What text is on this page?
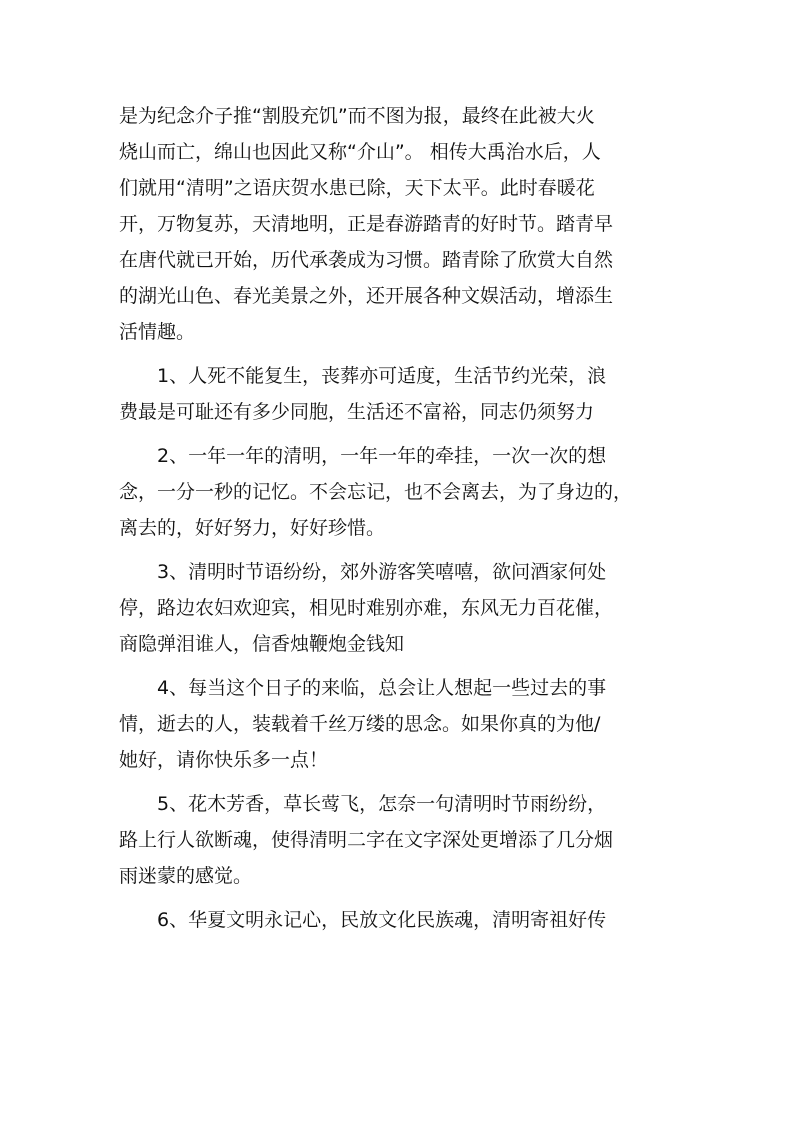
是为纪念介子推“割股充饥”而不图为报，最终在此被大火
烧山而亡，绵山也因此又称“介山”。 相传大禹治水后，人
们就用“清明”之语庆贺水患已除，天下太平。此时春暖花
开，万物复苏，天清地明，正是春游踏青的好时节。踏青早
在唐代就已开始，历代承袭成为习惯。踏青除了欣赏大自然
的湖光山色、春光美景之外，还开展各种文娱活动，增添生
活情趣。
1、人死不能复生，丧葬亦可适度，生活节约光荣，浪
费最是可耻还有多少同胞，生活还不富裕，同志仍须努力
2、一年一年的清明，一年一年的牵挂，一次一次的想
念，一分一秒的记忆。不会忘记，也不会离去，为了身边的，
离去的，好好努力，好好珍惜。
3、清明时节语纷纷，郊外游客笑嘻嘻，欲问酒家何处
停，路边农妇欢迎宾，相见时难别亦难，东风无力百花催，
商隐弹泪谁人，信香烛鞭炮金钱知
4、每当这个日子的来临，总会让人想起一些过去的事
情，逝去的人，装载着千丝万缕的思念。如果你真的为他/
她好，请你快乐多一点！
5、花木芳香，草长莺飞，怎奈一句清明时节雨纷纷，
路上行人欲断魂，使得清明二字在文字深处更增添了几分烟
雨迷蒙的感觉。
6、华夏文明永记心，民放文化民族魂，清明寄祖好传
